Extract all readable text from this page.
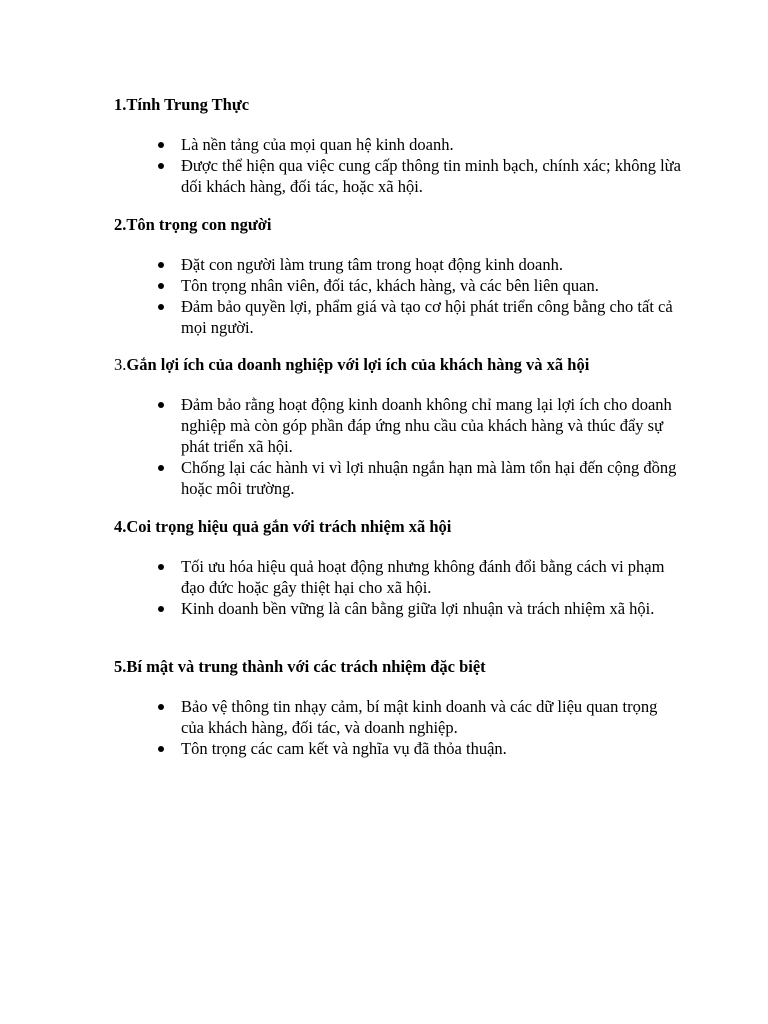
1.Tính Trung Thực

Là nền tảng của mọi quan hệ kinh doanh.
Được thể hiện qua việc cung cấp thông tin minh bạch, chính xác; không lừa dối khách hàng, đối tác, hoặc xã hội.

2.Tôn trọng con người

Đặt con người làm trung tâm trong hoạt động kinh doanh.
Tôn trọng nhân viên, đối tác, khách hàng, và các bên liên quan.
Đảm bảo quyền lợi, phẩm giá và tạo cơ hội phát triển công bằng cho tất cả mọi người.

3.Gắn lợi ích của doanh nghiệp với lợi ích của khách hàng và xã hội

Đảm bảo rằng hoạt động kinh doanh không chỉ mang lại lợi ích cho doanh nghiệp mà còn góp phần đáp ứng nhu cầu của khách hàng và thúc đẩy sự phát triển xã hội.
Chống lại các hành vi vì lợi nhuận ngắn hạn mà làm tổn hại đến cộng đồng hoặc môi trường.

4.Coi trọng hiệu quả gắn với trách nhiệm xã hội

Tối ưu hóa hiệu quả hoạt động nhưng không đánh đổi bằng cách vi phạm đạo đức hoặc gây thiệt hại cho xã hội.
Kinh doanh bền vững là cân bằng giữa lợi nhuận và trách nhiệm xã hội.

5.Bí mật và trung thành với các trách nhiệm đặc biệt

Bảo vệ thông tin nhạy cảm, bí mật kinh doanh và các dữ liệu quan trọng của khách hàng, đối tác, và doanh nghiệp.
Tôn trọng các cam kết và nghĩa vụ đã thỏa thuận.
